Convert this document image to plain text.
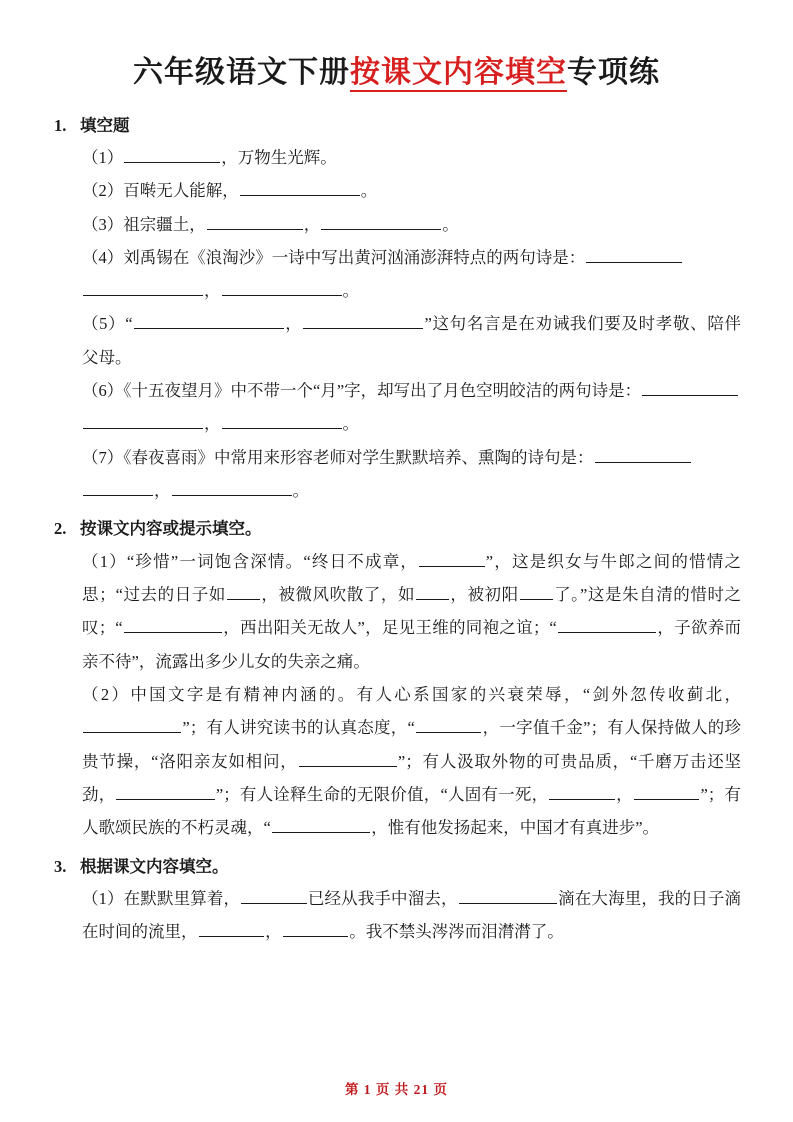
六年级语文下册按课文内容填空专项练
1. 填空题
（1）	，万物生光辉。
（2）百啭无人能解，	。
（3）祖宗疆土，	，	。
（4）刘禹锡在《浪淘沙》一诗中写出黄河汹涌澎湃特点的两句诗是：
，	。
（5）“	，	”这句名言是在劝诫我们要及时孝敬、陪伴父母。
（6）《十五夜望月》中不带一个“月”字，却写出了月色空明皎洁的两句诗是：
，	。
（7）《春夜喜雨》中常用来形容老师对学生默默培养、熏陶的诗句是：
，	。
2. 按课文内容或提示填空。
（1）“珍惜”一词饱含深情。“终日不成章，	”，这是织女与牛郎之间的惜情之思；“过去的日子如 ，被微风吹散了，如 ，被初阳 了。”这是朱自清的惜时之叹；“	，西出阳关无故人”，足见王维的同袍之谊；“	，子欲养而亲不待”，流露出多少儿女的失亲之痛。
（2）中国文字是有精神内涵的。有人心系国家的兴衰荣辱，“剑外忽传收蓟北，”；有人讲究读书的认真态度，“	，一字值千金”；有人保持做人的珍贵节操，“洛阳亲友如相问，	”；有人汲取外物的可贵品质，“千磨万击还坚劲，	”；有人诠释生命的无限价值，“人固有一死，	，	”；有人歌颂民族的不朽灵魂，“	，惟有他发扬起来，中国才有真进步”。
3. 根据课文内容填空。
（1）在默默里算着，	已经从我手中溜去，	滴在大海里，我的日子滴在时间的流里，	，	。我不禁头涔涔而泪潸潸了。
第 1 页 共 21 页
